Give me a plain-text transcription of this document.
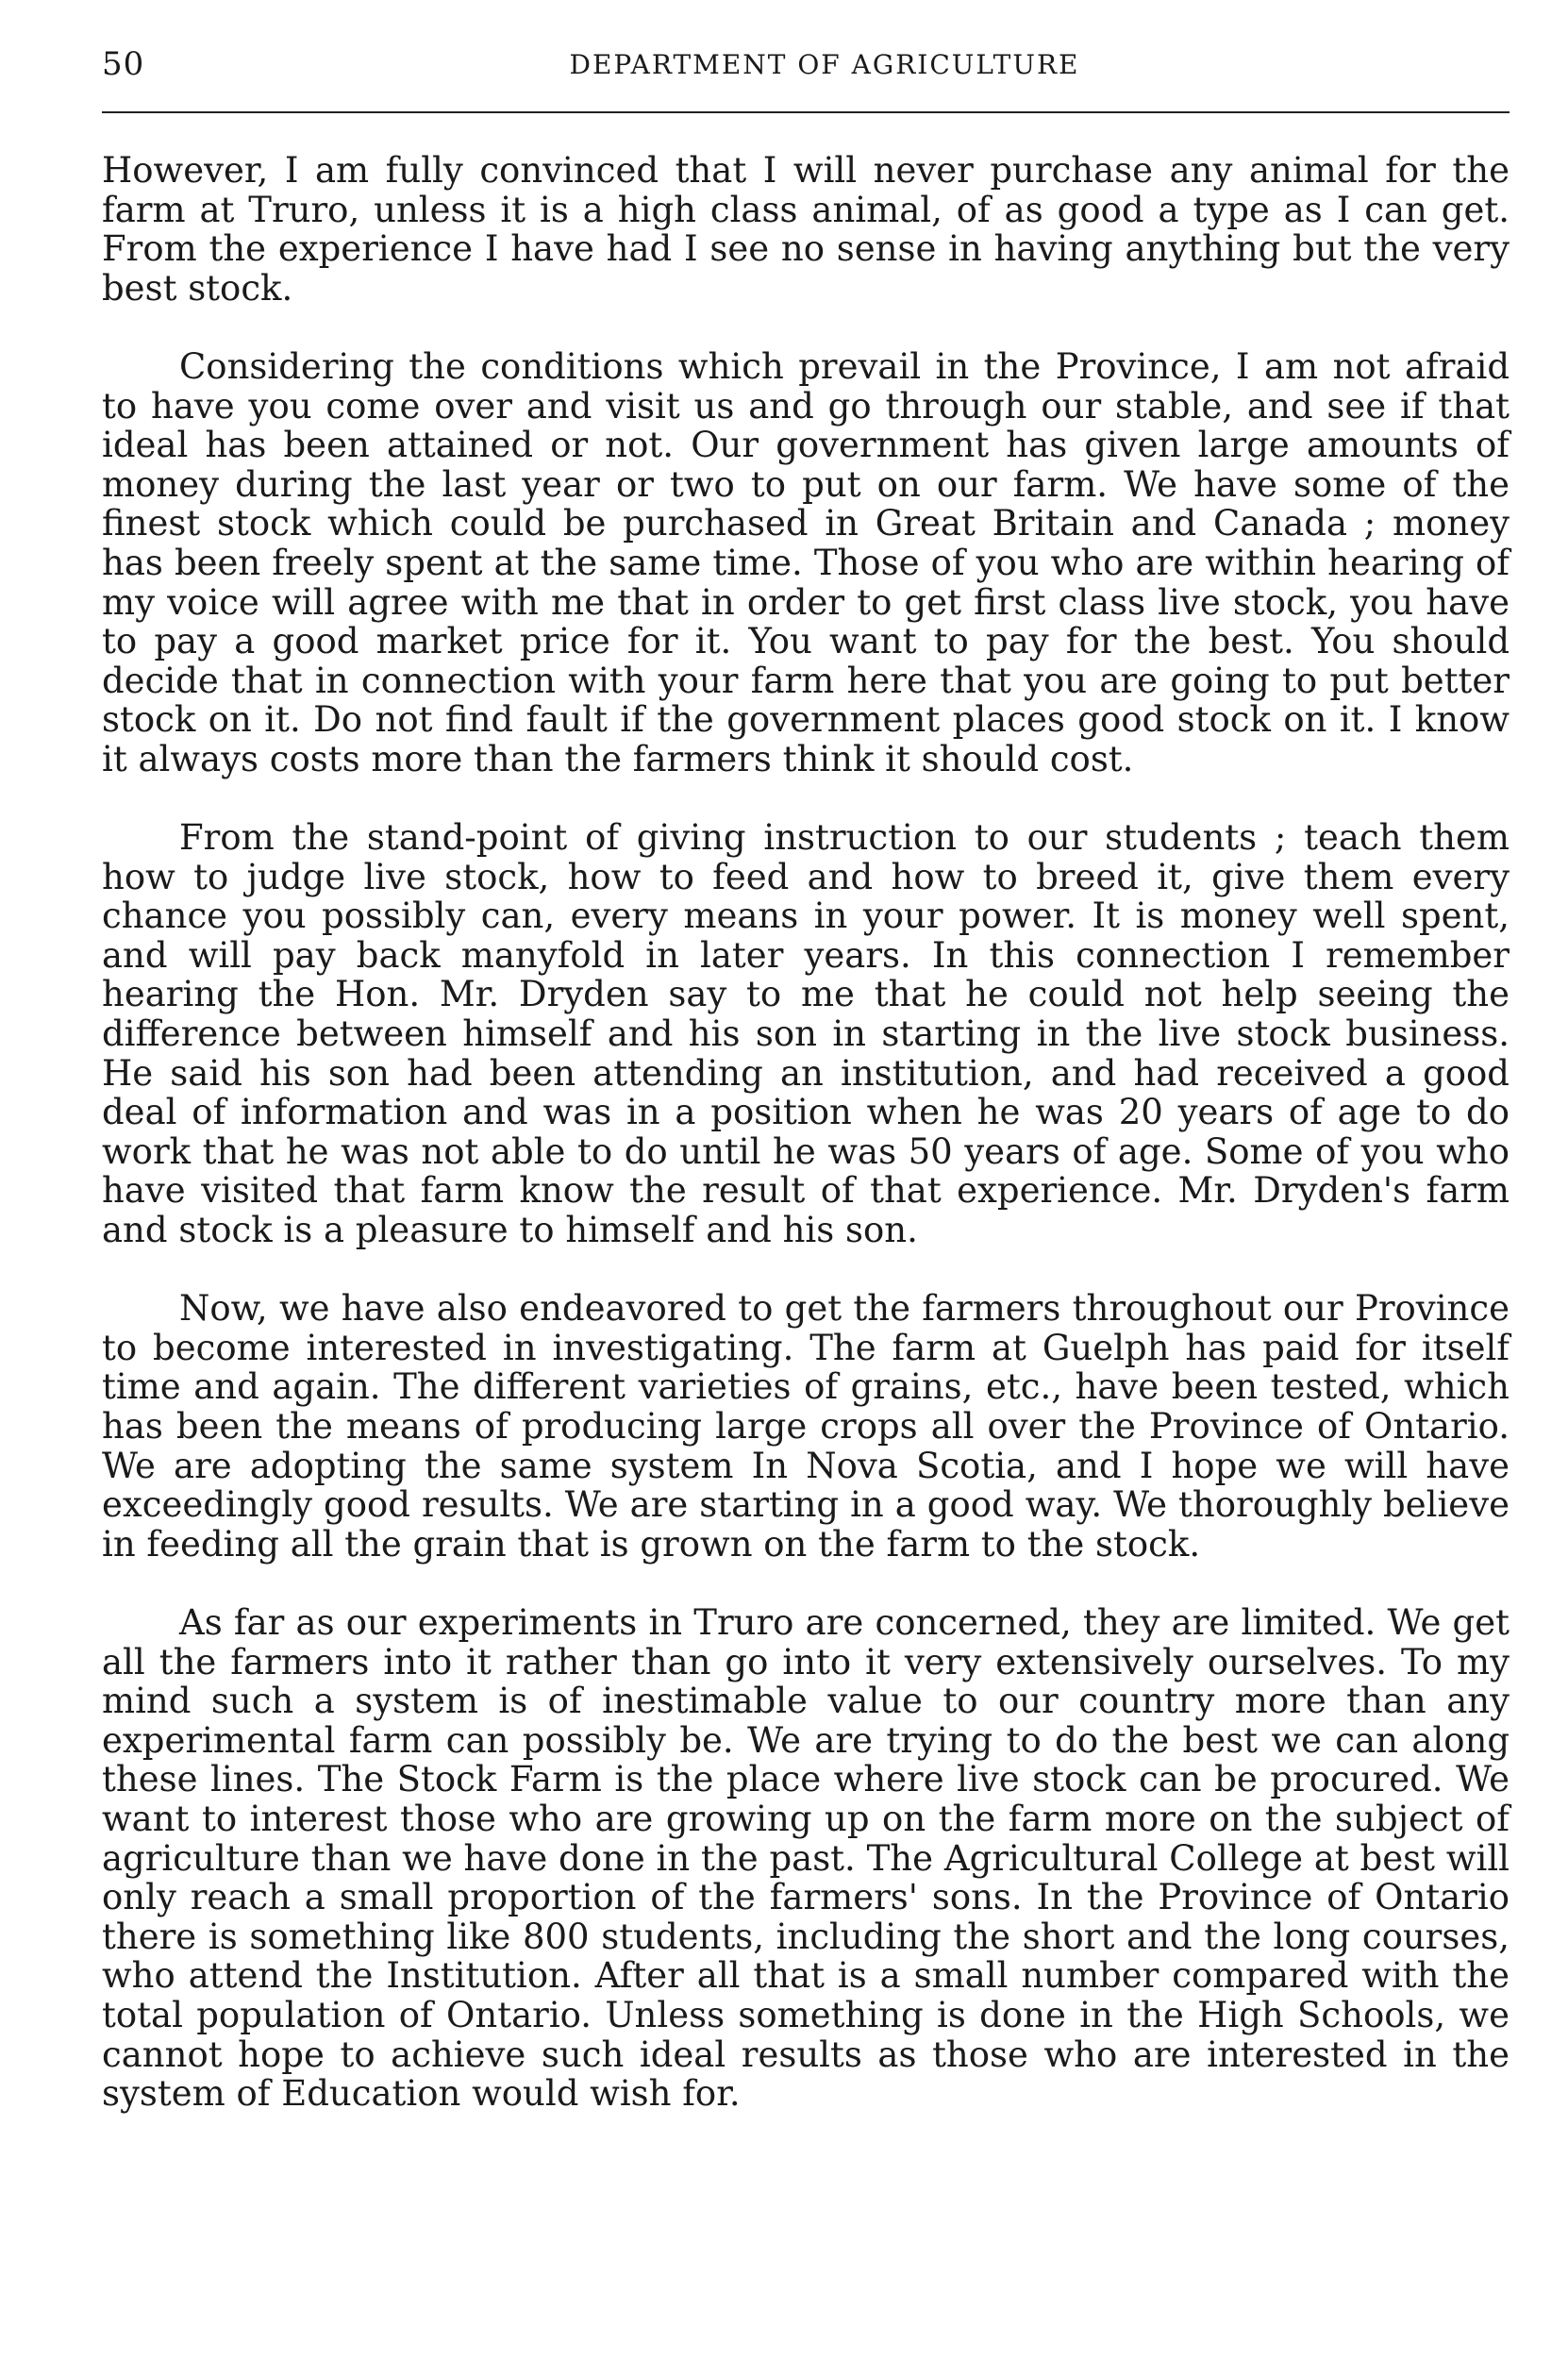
50	DEPARTMENT OF AGRICULTURE

However, I am fully convinced that I will never purchase any animal for the farm at Truro, unless it is a high class animal, of as good a type as I can get. From the experience I have had I see no sense in having anything but the very best stock.

Considering the conditions which prevail in the Province, I am not afraid to have you come over and visit us and go through our stable, and see if that ideal has been attained or not. Our government has given large amounts of money during the last year or two to put on our farm. We have some of the finest stock which could be purchased in Great Britain and Canada ; money has been freely spent at the same time. Those of you who are within hearing of my voice will agree with me that in order to get first class live stock, you have to pay a good market price for it. You want to pay for the best. You should decide that in connection with your farm here that you are going to put better stock on it. Do not find fault if the government places good stock on it. I know it always costs more than the farmers think it should cost.

From the stand-point of giving instruction to our students ; teach them how to judge live stock, how to feed and how to breed it, give them every chance you possibly can, every means in your power. It is money well spent, and will pay back manyfold in later years. In this connection I remember hearing the Hon. Mr. Dryden say to me that he could not help seeing the difference between himself and his son in starting in the live stock business. He said his son had been attending an institution, and had received a good deal of information and was in a position when he was 20 years of age to do work that he was not able to do until he was 50 years of age. Some of you who have visited that farm know the result of that experience. Mr. Dryden's farm and stock is a pleasure to himself and his son.

Now, we have also endeavored to get the farmers throughout our Province to become interested in investigating. The farm at Guelph has paid for itself time and again. The different varieties of grains, etc., have been tested, which has been the means of producing large crops all over the Province of Ontario. We are adopting the same system In Nova Scotia, and I hope we will have exceedingly good results. We are starting in a good way. We thoroughly believe in feeding all the grain that is grown on the farm to the stock.

As far as our experiments in Truro are concerned, they are limited. We get all the farmers into it rather than go into it very extensively ourselves. To my mind such a system is of inestimable value to our country more than any experimental farm can possibly be. We are trying to do the best we can along these lines. The Stock Farm is the place where live stock can be procured. We want to interest those who are growing up on the farm more on the subject of agriculture than we have done in the past. The Agricultural College at best will only reach a small proportion of the farmers' sons. In the Province of Ontario there is something like 800 students, including the short and the long courses, who attend the Institution. After all that is a small number compared with the total population of Ontario. Unless something is done in the High Schools, we cannot hope to achieve such ideal results as those who are interested in the system of Education would wish for.
